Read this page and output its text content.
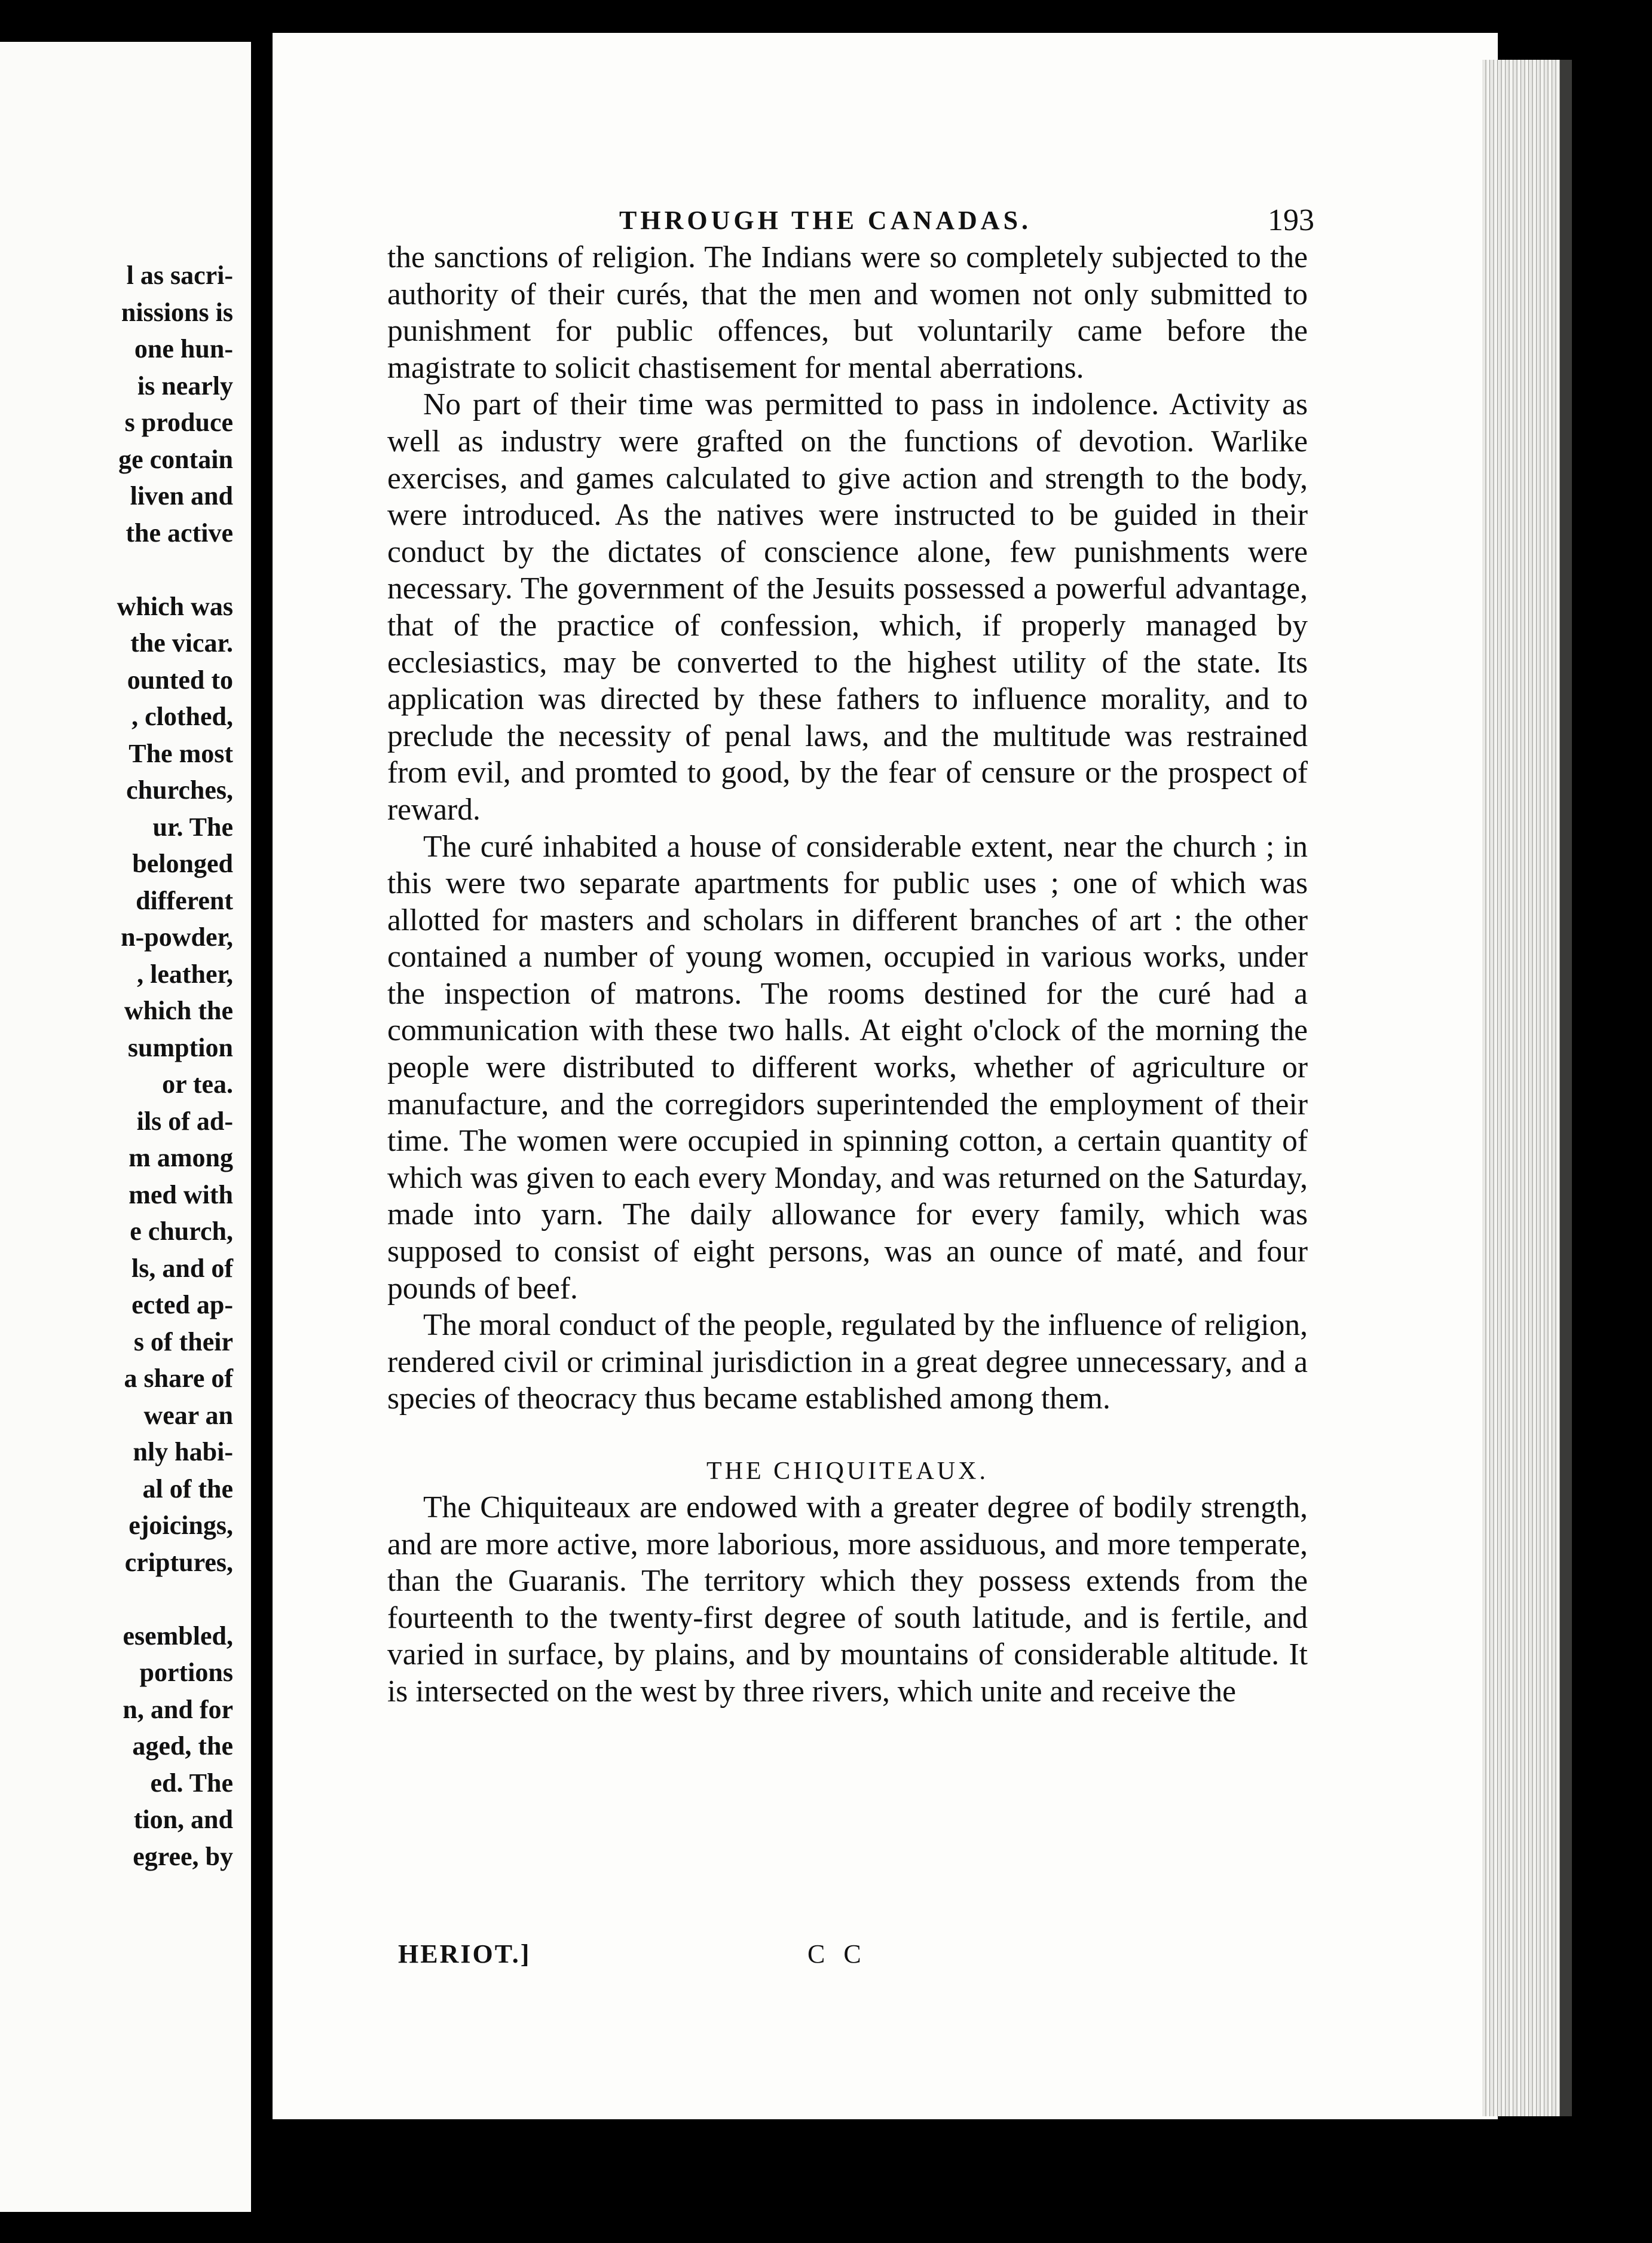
l as sacri-
nissions is
one hun-
is nearly
s produce
ge contain
liven and
the active

which was
the vicar.
ounted to
, clothed,
The most
churches,
ur. The
belonged
different
n-powder,
, leather,
which the
sumption
or tea.
ils of ad-
m among
med with
e church,
ls, and of
ected ap-
s of their
a share of
wear an
nly habi-
al of the
ejoicings,
criptures,

esembled,
portions
n, and for
aged, the
ed. The
tion, and
egree, by
THROUGH THE CANADAS.	193

the sanctions of religion. The Indians were so completely subjected to the authority of their curés, that the men and women not only submitted to punishment for public offences, but voluntarily came before the magistrate to solicit chastisement for mental aberrations.

No part of their time was permitted to pass in indolence. Activity as well as industry were grafted on the functions of devotion. Warlike exercises, and games calculated to give action and strength to the body, were introduced. As the natives were instructed to be guided in their conduct by the dictates of conscience alone, few punishments were necessary. The government of the Jesuits possessed a powerful advantage, that of the practice of confession, which, if properly managed by ecclesiastics, may be converted to the highest utility of the state. Its application was directed by these fathers to influence morality, and to preclude the necessity of penal laws, and the multitude was restrained from evil, and promted to good, by the fear of censure or the prospect of reward.

The curé inhabited a house of considerable extent, near the church ; in this were two separate apartments for public uses ; one of which was allotted for masters and scholars in different branches of art : the other contained a number of young women, occupied in various works, under the inspection of matrons. The rooms destined for the curé had a communication with these two halls. At eight o'clock of the morning the people were distributed to different works, whether of agriculture or manufacture, and the corregidors superintended the employment of their time. The women were occupied in spinning cotton, a certain quantity of which was given to each every Monday, and was returned on the Saturday, made into yarn. The daily allowance for every family, which was supposed to consist of eight persons, was an ounce of maté, and four pounds of beef.

The moral conduct of the people, regulated by the influence of religion, rendered civil or criminal jurisdiction in a great degree unnecessary, and a species of theocracy thus became established among them.

THE CHIQUITEAUX.

The Chiquiteaux are endowed with a greater degree of bodily strength, and are more active, more laborious, more assiduous, and more temperate, than the Guaranis. The territory which they possess extends from the fourteenth to the twenty-first degree of south latitude, and is fertile, and varied in surface, by plains, and by mountains of considerable altitude. It is intersected on the west by three rivers, which unite and receive the

HERIOT.]	C C
